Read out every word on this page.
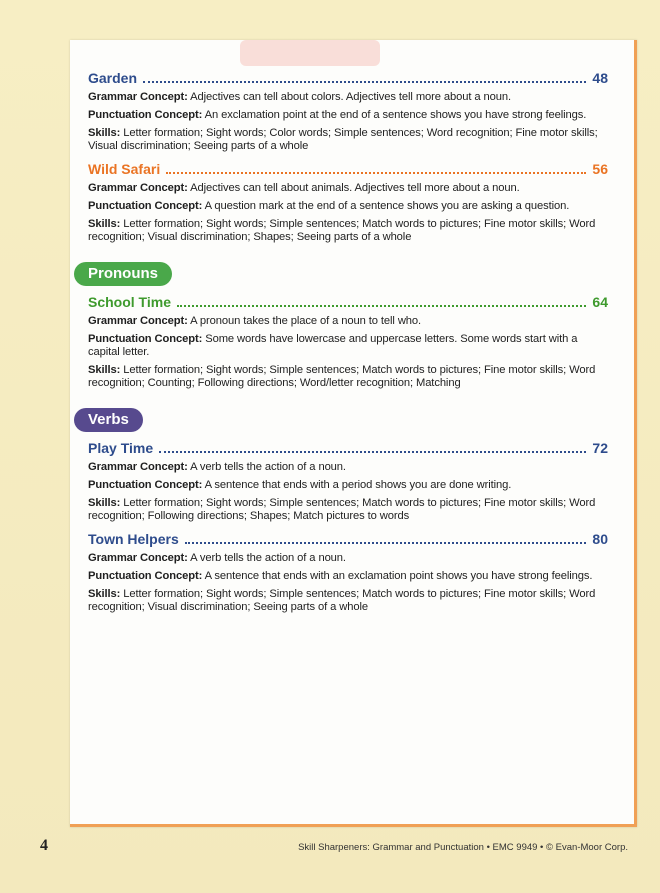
Garden	48

Grammar Concept: Adjectives can tell about colors. Adjectives tell more about a noun.

Punctuation Concept: An exclamation point at the end of a sentence shows you have strong feelings.

Skills: Letter formation; Sight words; Color words; Simple sentences; Word recognition; Fine motor skills; Visual discrimination; Seeing parts of a whole

Wild Safari	56

Grammar Concept: Adjectives can tell about animals. Adjectives tell more about a noun.

Punctuation Concept: A question mark at the end of a sentence shows you are asking a question.

Skills: Letter formation; Sight words; Simple sentences; Match words to pictures; Fine motor skills; Word recognition; Visual discrimination; Shapes; Seeing parts of a whole

Pronouns
School Time	64

Grammar Concept: A pronoun takes the place of a noun to tell who.

Punctuation Concept: Some words have lowercase and uppercase letters. Some words start with a capital letter.

Skills: Letter formation; Sight words; Simple sentences; Match words to pictures; Fine motor skills; Word recognition; Counting; Following directions; Word/letter recognition; Matching

Verbs
Play Time	72

Grammar Concept: A verb tells the action of a noun.

Punctuation Concept: A sentence that ends with a period shows you are done writing.

Skills: Letter formation; Sight words; Simple sentences; Match words to pictures; Fine motor skills; Word recognition; Following directions; Shapes; Match pictures to words

Town Helpers	80

Grammar Concept: A verb tells the action of a noun.

Punctuation Concept: A sentence that ends with an exclamation point shows you have strong feelings.

Skills: Letter formation; Sight words; Simple sentences; Match words to pictures; Fine motor skills; Word recognition; Visual discrimination; Seeing parts of a whole

4	Skill Sharpeners: Grammar and Punctuation • EMC 9949 • © Evan-Moor Corp.
